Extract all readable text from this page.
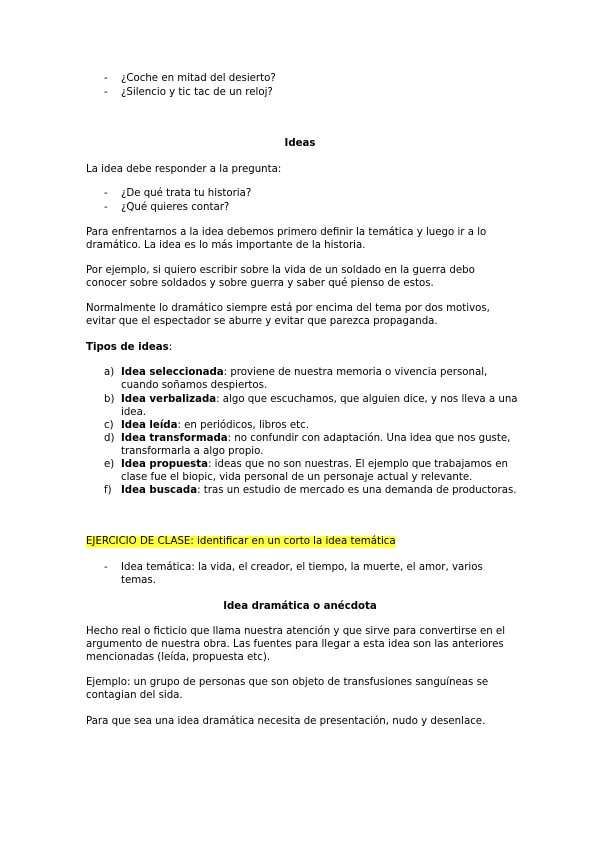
-	¿Coche en mitad del desierto?
-	¿Silencio y tic tac de un reloj?
Ideas
La idea debe responder a la pregunta:
-	¿De qué trata tu historia?
-	¿Qué quieres contar?
Para enfrentarnos a la idea debemos primero definir la temática y luego ir a lo dramático. La idea es lo más importante de la historia.
Por ejemplo, si quiero escribir sobre la vida de un soldado en la guerra debo conocer sobre soldados y sobre guerra y saber qué pienso de estos.
Normalmente lo dramático siempre está por encima del tema por dos motivos, evitar que el espectador se aburre y evitar que parezca propaganda.
Tipos de ideas:
a) Idea seleccionada: proviene de nuestra memoria o vivencia personal, cuando soñamos despiertos.
b) Idea verbalizada: algo que escuchamos, que alguien dice, y nos lleva a una idea.
c) Idea leída: en periódicos, libros etc.
d) Idea transformada: no confundir con adaptación. Una idea que nos guste, transformarla a algo propio.
e) Idea propuesta: ideas que no son nuestras. El ejemplo que trabajamos en clase fue el biopic, vida personal de un personaje actual y relevante.
f) Idea buscada: tras un estudio de mercado es una demanda de productoras.
EJERCICIO DE CLASE: identificar en un corto la idea temática
-	Idea temática: la vida, el creador, el tiempo, la muerte, el amor, varios temas.
Idea dramática o anécdota
Hecho real o ficticio que llama nuestra atención y que sirve para convertirse en el argumento de nuestra obra. Las fuentes para llegar a esta idea son las anteriores mencionadas (leída, propuesta etc).
Ejemplo: un grupo de personas que son objeto de transfusiones sanguíneas se contagian del sida.
Para que sea una idea dramática necesita de presentación, nudo y desenlace.
